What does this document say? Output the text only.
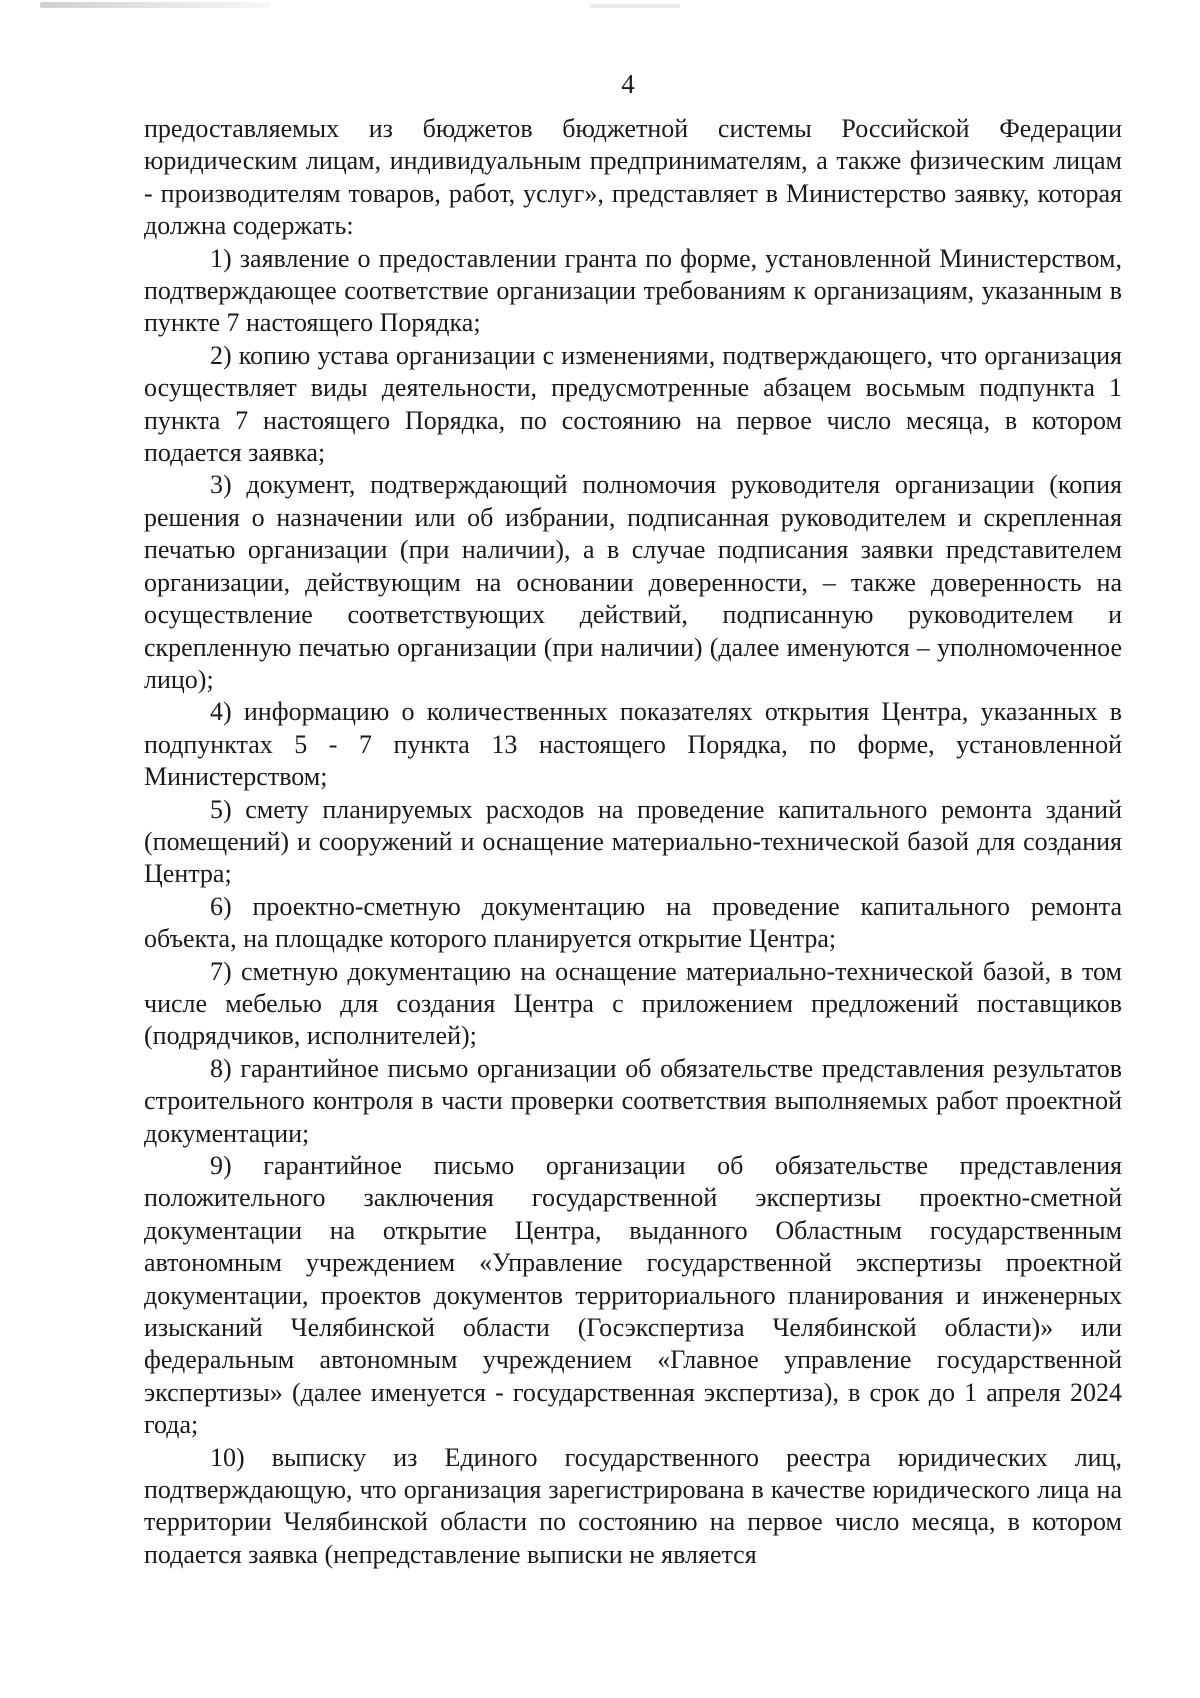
4

предоставляемых из бюджетов бюджетной системы Российской Федерации юридическим лицам, индивидуальным предпринимателям, а также физическим лицам - производителям товаров, работ, услуг», представляет в Министерство заявку, которая должна содержать:

1) заявление о предоставлении гранта по форме, установленной Министерством, подтверждающее соответствие организации требованиям к организациям, указанным в пункте 7 настоящего Порядка;

2) копию устава организации с изменениями, подтверждающего, что организация осуществляет виды деятельности, предусмотренные абзацем восьмым подпункта 1 пункта 7 настоящего Порядка, по состоянию на первое число месяца, в котором подается заявка;

3) документ, подтверждающий полномочия руководителя организации (копия решения о назначении или об избрании, подписанная руководителем и скрепленная печатью организации (при наличии), а в случае подписания заявки представителем организации, действующим на основании доверенности, – также доверенность на осуществление соответствующих действий, подписанную руководителем и скрепленную печатью организации (при наличии) (далее именуются – уполномоченное лицо);

4) информацию о количественных показателях открытия Центра, указанных в подпунктах 5 - 7 пункта 13 настоящего Порядка, по форме, установленной Министерством;

5) смету планируемых расходов на проведение капитального ремонта зданий (помещений) и сооружений и оснащение материально-технической базой для создания Центра;

6) проектно-сметную документацию на проведение капитального ремонта объекта, на площадке которого планируется открытие Центра;

7) сметную документацию на оснащение материально-технической базой, в том числе мебелью для создания Центра с приложением предложений поставщиков (подрядчиков, исполнителей);

8) гарантийное письмо организации об обязательстве представления результатов строительного контроля в части проверки соответствия выполняемых работ проектной документации;

9) гарантийное письмо организации об обязательстве представления положительного заключения государственной экспертизы проектно-сметной документации на открытие Центра, выданного Областным государственным автономным учреждением «Управление государственной экспертизы проектной документации, проектов документов территориального планирования и инженерных изысканий Челябинской области (Госэкспертиза Челябинской области)» или федеральным автономным учреждением «Главное управление государственной экспертизы» (далее именуется - государственная экспертиза), в срок до 1 апреля 2024 года;

10) выписку из Единого государственного реестра юридических лиц, подтверждающую, что организация зарегистрирована в качестве юридического лица на территории Челябинской области по состоянию на первое число месяца, в котором подается заявка (непредставление выписки не является
